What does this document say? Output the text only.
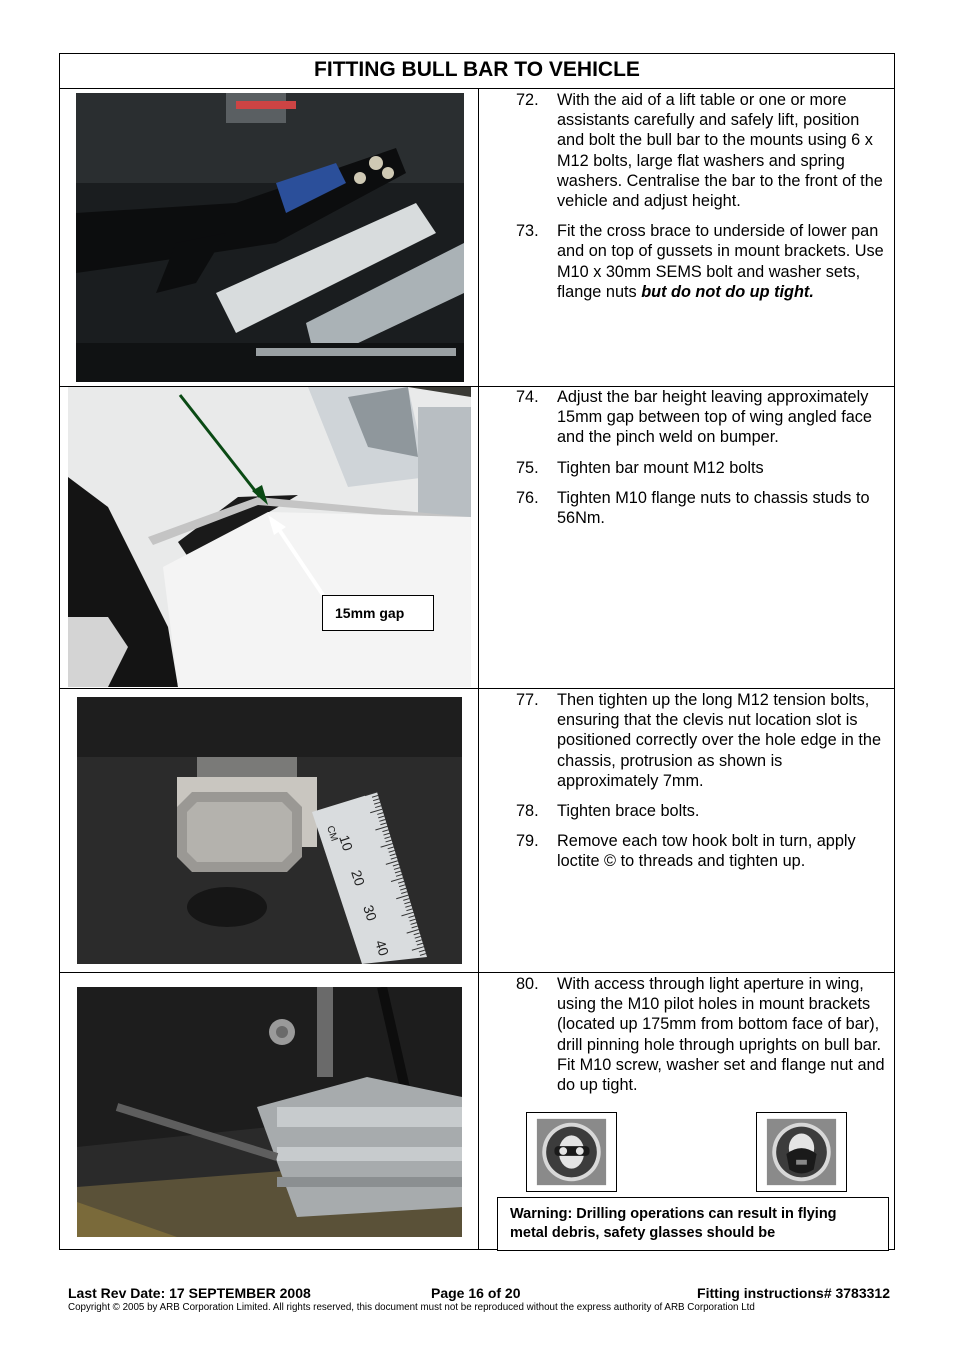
FITTING BULL BAR TO VEHICLE
72. With the aid of a lift table or one or more assistants carefully and safely lift, position and bolt the bull bar to the mounts using 6 x M12 bolts, large flat washers and spring washers. Centralise the bar to the front of the vehicle and adjust height.
73. Fit the cross brace to underside of lower pan and on top of gussets in mount brackets. Use M10 x 30mm SEMS bolt and washer sets, flange nuts but do not do up tight.
15mm gap
74. Adjust the bar height leaving approximately 15mm gap between top of wing angled face and the pinch weld on bumper.
75. Tighten bar mount M12 bolts
76. Tighten M10 flange nuts to chassis studs to 56Nm.
CM
10
20
30
40
77. Then tighten up the long M12 tension bolts, ensuring that the clevis nut location slot is positioned correctly over the hole edge in the chassis, protrusion as shown is approximately 7mm.
78. Tighten brace bolts.
79. Remove each tow hook bolt in turn, apply loctite © to threads and tighten up.
80. With access through light aperture in wing, using the M10 pilot holes in mount brackets (located up 175mm from bottom face of bar), drill pinning hole through uprights on bull bar. Fit M10 screw, washer set and flange nut and do up tight.
Warning: Drilling operations can result in flying metal debris, safety glasses should be
Last Rev Date: 17 SEPTEMBER 2008	Page 16 of 20	Fitting instructions# 3783312
Copyright © 2005 by ARB Corporation Limited. All rights reserved, this document must not be reproduced without the express authority of ARB Corporation Ltd
